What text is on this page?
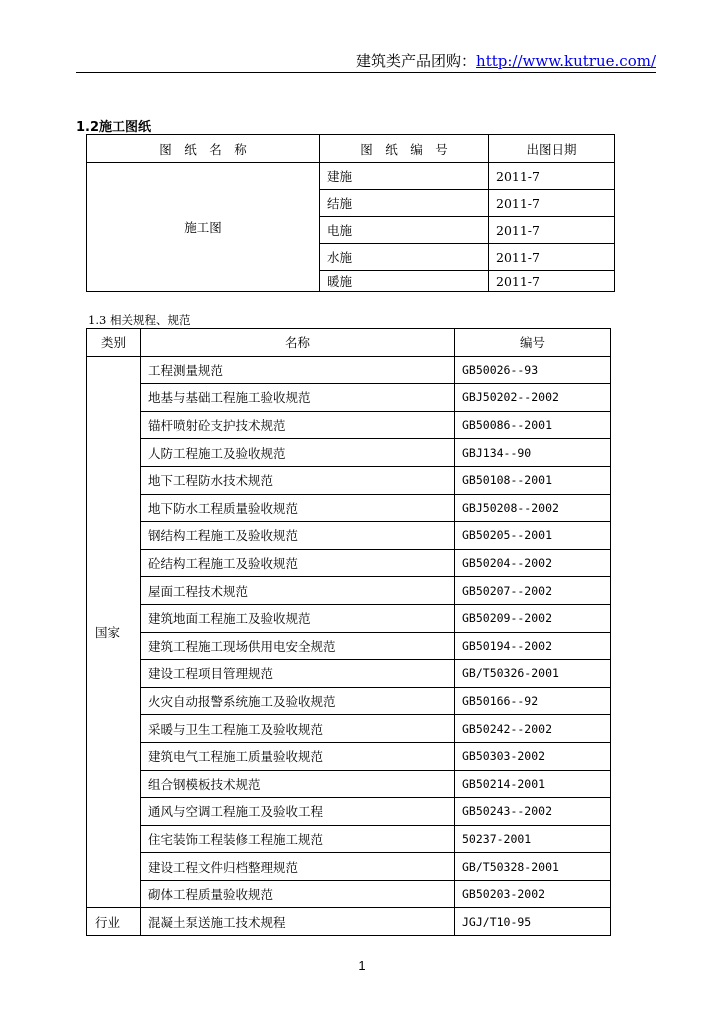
建筑类产品团购：http://www.kutrue.com/
1.2施工图纸
图　纸　名　称	图　纸　编　号	出图日期
施工图	建施	2011-7
	结施	2011-7
	电施	2011-7
	水施	2011-7
	暖施	2011-7
1.3 相关规程、规范
类别	名称	编号
国家	工程测量规范	GB50026--93
	地基与基础工程施工验收规范	GBJ50202--2002
	锚杆喷射砼支护技术规范	GB50086--2001
	人防工程施工及验收规范	GBJ134--90
	地下工程防水技术规范	GB50108--2001
	地下防水工程质量验收规范	GBJ50208--2002
	钢结构工程施工及验收规范	GB50205--2001
	砼结构工程施工及验收规范	GB50204--2002
	屋面工程技术规范	GB50207--2002
	建筑地面工程施工及验收规范	GB50209--2002
	建筑工程施工现场供用电安全规范	GB50194--2002
	建设工程项目管理规范	GB/T50326-2001
	火灾自动报警系统施工及验收规范	GB50166--92
	采暖与卫生工程施工及验收规范	GB50242--2002
	建筑电气工程施工质量验收规范	GB50303-2002
	组合钢模板技术规范	GB50214-2001
	通风与空调工程施工及验收工程	GB50243--2002
	住宅装饰工程装修工程施工规范	50237-2001
	建设工程文件归档整理规范	GB/T50328-2001
	砌体工程质量验收规范	GB50203-2002
行业	混凝土泵送施工技术规程	JGJ/T10-95
1
